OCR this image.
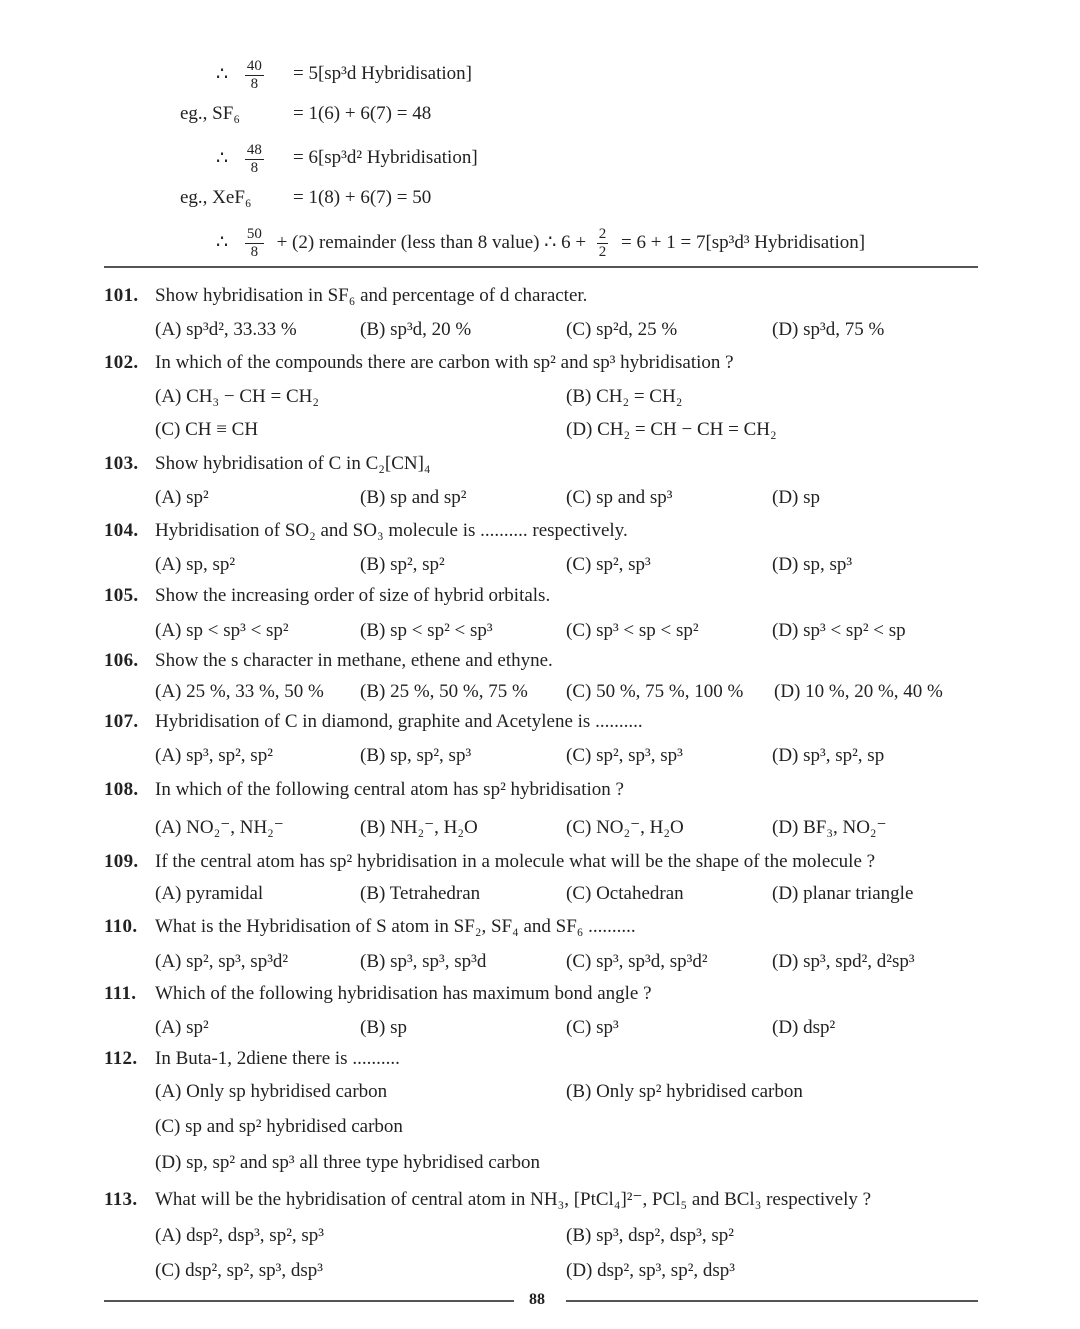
∴ $\frac{40}{8} = 5[sp^3d$ Hybridisation]
eg., SF₆	= 1(6) + 6(7) = 48
∴ $\frac{48}{8} = 6[sp^3d^2$ Hybridisation]
eg., XeF₆ = 1(8) + 6(7) = 50
∴ $\frac{50}{8} + (2)$ remainder (less than 8 value) ∴ $6 + \frac{2}{2} = 6 + 1 = 7[sp^3d^3$ Hybridisation]
101. Show hybridisation in SF₆ and percentage of d character.
(A) sp³d², 33.33 %	(B) sp³d, 20 %	(C) sp²d, 25 %	(D) sp³d, 75 %
102. In which of the compounds there are carbon with sp² and sp³ hybridisation ?
(A) CH₃ − CH = CH₂	(B) CH₂ = CH₂
(C) CH ≡ CH	(D) CH₂ = CH − CH = CH₂
103. Show hybridisation of C in C₂[CN]₄
(A) sp²	(B) sp and sp²	(C) sp and sp³	(D) sp
104. Hybridisation of SO₂ and SO₃ molecule is .......... respectively.
(A) sp, sp²	(B) sp², sp²	(C) sp², sp³	(D) sp, sp³
105. Show the increasing order of size of hybrid orbitals.
(A) sp < sp³ < sp²	(B) sp < sp² < sp³	(C) sp³ < sp < sp²	(D) sp³ < sp² < sp
106. Show the s character in methane, ethene and ethyne.
(A) 25 %, 33 %, 50 % (B) 25 %, 50 %, 75 % (C) 50 %, 75 %, 100 % (D) 10 %, 20 %, 40 %
107. Hybridisation of C in diamond, graphite and Acetylene is ..........
(A) sp³, sp², sp²	(B) sp, sp², sp³	(C) sp², sp³, sp³	(D) sp³, sp², sp
108. In which of the following central atom has sp² hybridisation ?
(A) NO₂⁻, NH₂⁻	(B) NH₂⁻, H₂O	(C) NO₂⁻, H₂O	(D) BF₃, NO₂⁻
109. If the central atom has sp² hybridisation in a molecule what will be the shape of the molecule ?
(A) pyramidal	(B) Tetrahedran	(C) Octahedran	(D) planar triangle
110. What is the Hybridisation of S atom in SF₂, SF₄ and SF₆ ..........
(A) sp², sp³, sp³d²	(B) sp³, sp³, sp³d	(C) sp³, sp³d, sp³d²	(D) sp³, spd², d²sp³
111. Which of the following hybridisation has maximum bond angle ?
(A) sp²	(B) sp	(C) sp³	(D) dsp²
112. In Buta-1, 2diene there is ..........
(A) Only sp hybridised carbon	(B) Only sp² hybridised carbon
(C) sp and sp² hybridised carbon
(D) sp, sp² and sp³ all three type hybridised carbon
113. What will be the hybridisation of central atom in NH₃, [PtCl₄]²⁻, PCl₅ and BCl₃ respectively ?
(A) dsp², dsp³, sp², sp³	(B) sp³, dsp², dsp³, sp²
(C) dsp², sp², sp³, dsp³	(D) dsp², sp³, sp², dsp³
88
